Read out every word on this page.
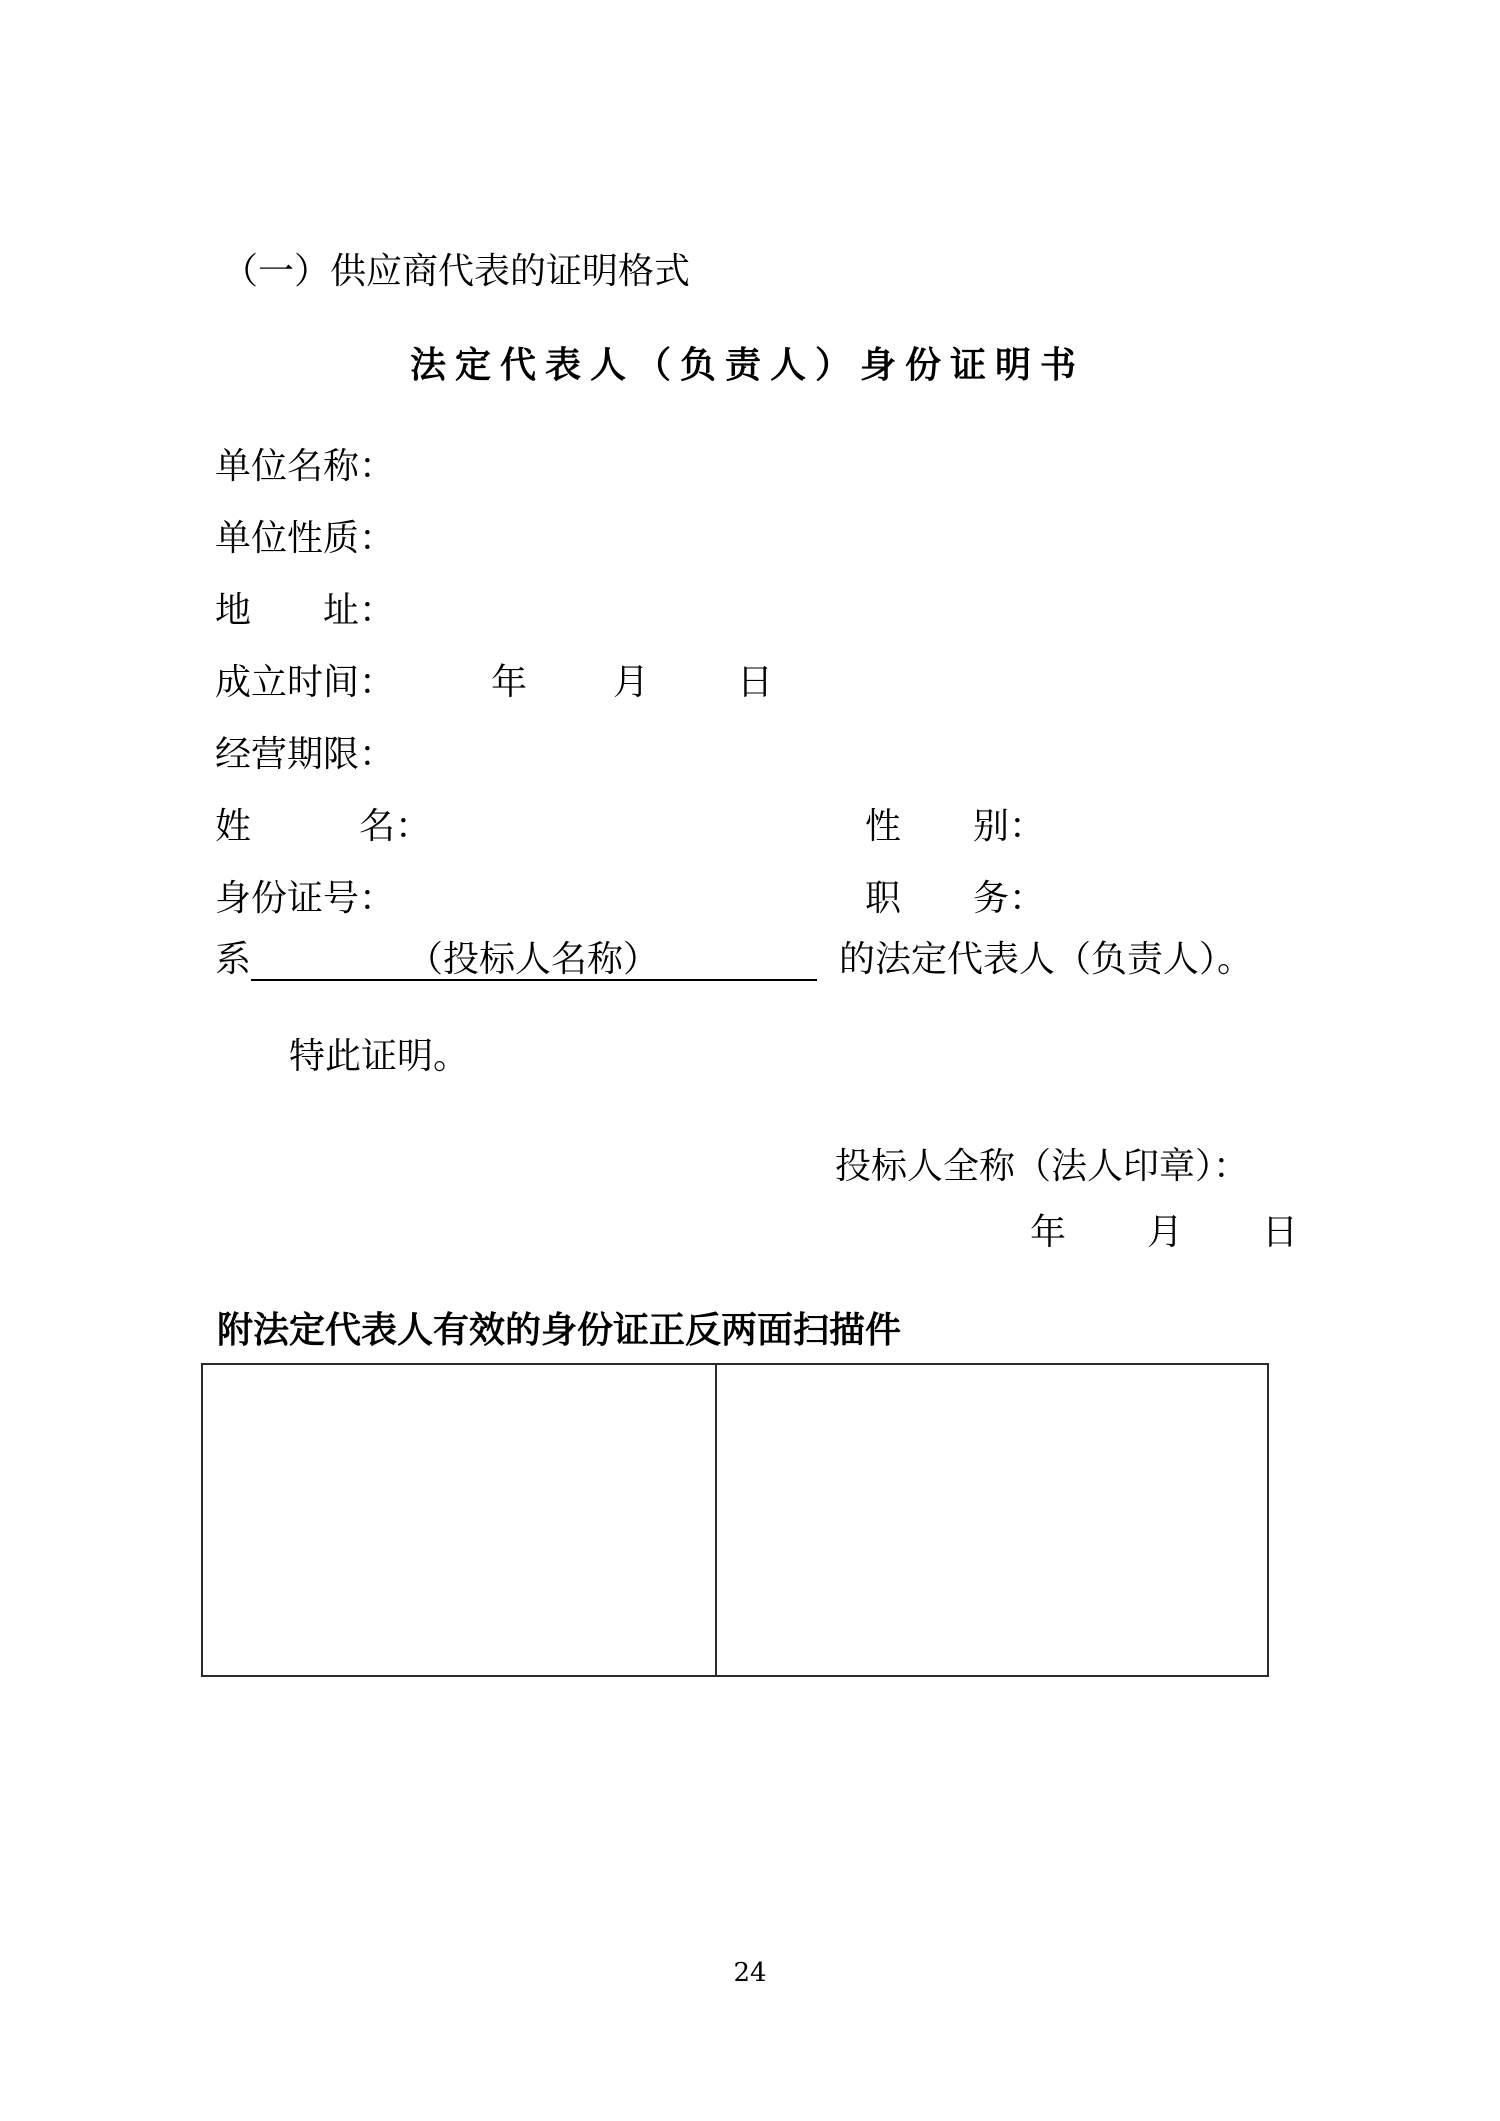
（一）供应商代表的证明格式
法定代表人（负责人）身份证明书
单位名称：
单位性质：
地　　址：
成立时间：	年 月 日
经营期限：
姓　　　名：	性　　别：
身份证号：	职　　务：
系	（投标人名称）	的法定代表人（负责人）。
特此证明。
投标人全称（法人印章）：
年 月 日
附法定代表人有效的身份证正反两面扫描件
24
